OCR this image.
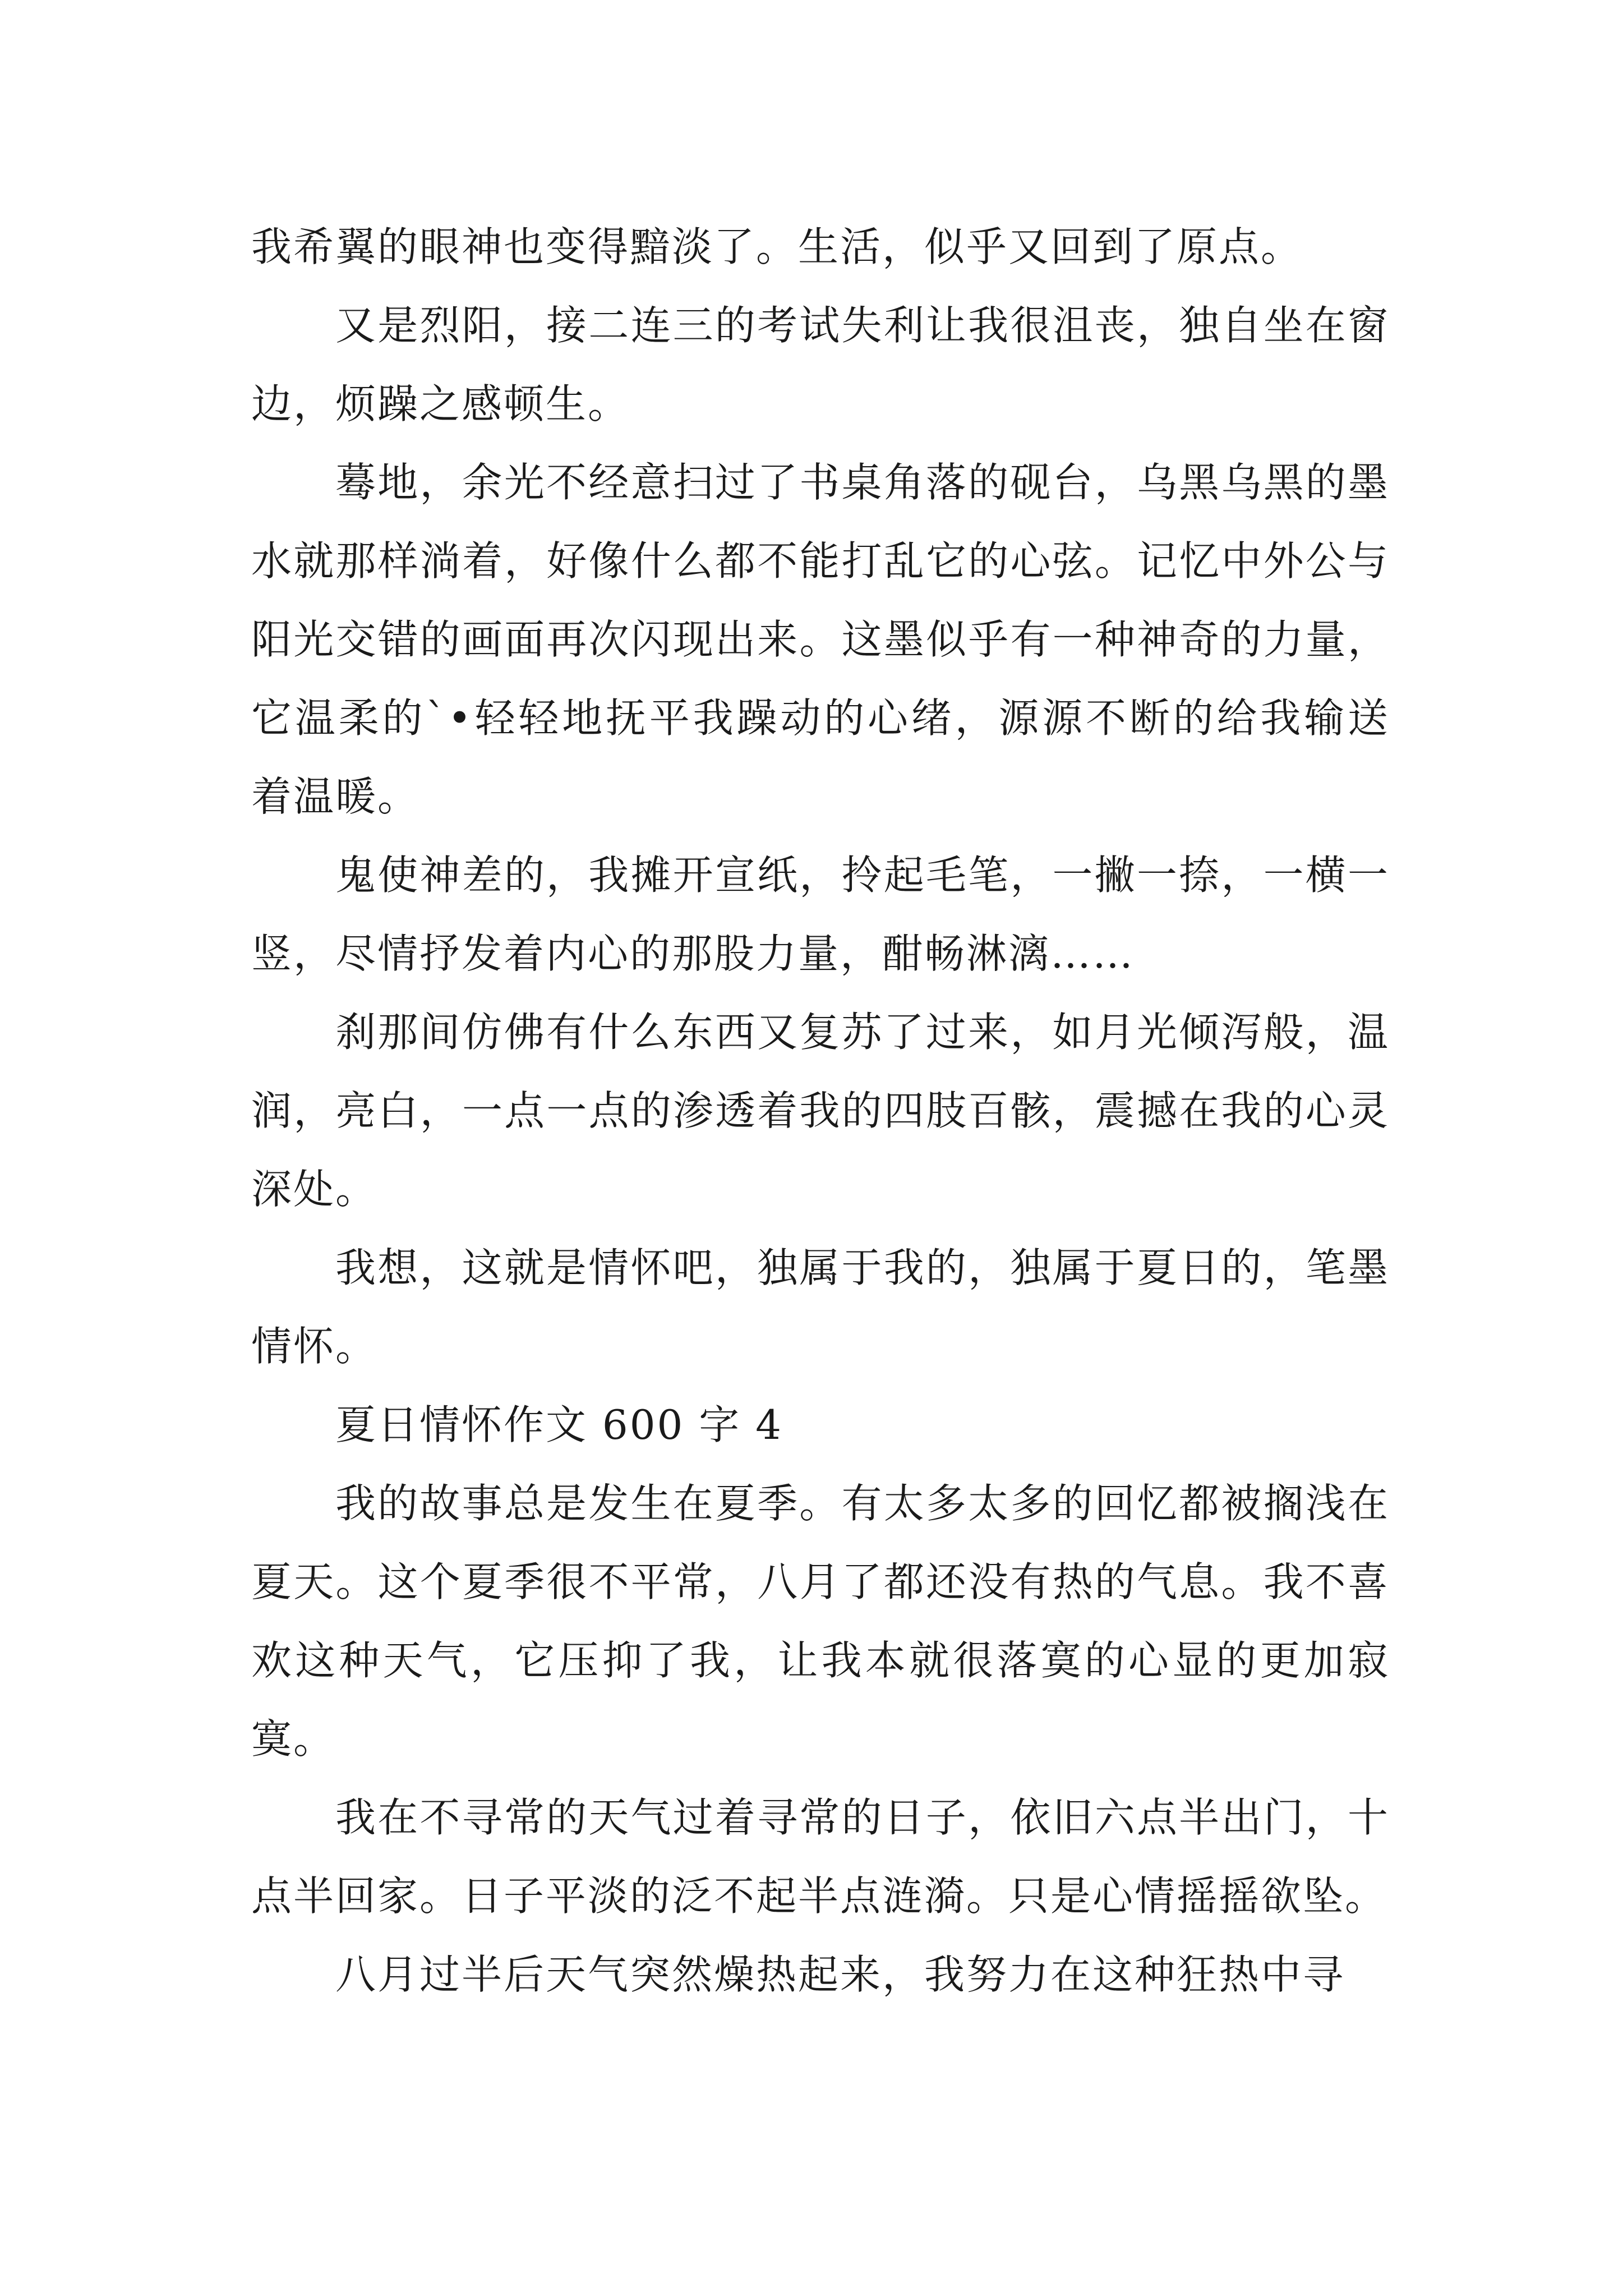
我希翼的眼神也变得黯淡了。生活，似乎又回到了原点。

又是烈阳，接二连三的考试失利让我很沮丧，独自坐在窗边，烦躁之感顿生。

蓦地，余光不经意扫过了书桌角落的砚台，乌黑乌黑的墨水就那样淌着，好像什么都不能打乱它的心弦。记忆中外公与阳光交错的画面再次闪现出来。这墨似乎有一种神奇的力量，它温柔的`•轻轻地抚平我躁动的心绪，源源不断的给我输送着温暖。

鬼使神差的，我摊开宣纸，拎起毛笔，一撇一捺，一横一竖，尽情抒发着内心的那股力量，酣畅淋漓……

刹那间仿佛有什么东西又复苏了过来，如月光倾泻般，温润，亮白，一点一点的渗透着我的四肢百骸，震撼在我的心灵深处。

我想，这就是情怀吧，独属于我的，独属于夏日的，笔墨情怀。

夏日情怀作文 600 字 4

我的故事总是发生在夏季。有太多太多的回忆都被搁浅在夏天。这个夏季很不平常，八月了都还没有热的气息。我不喜欢这种天气，它压抑了我，让我本就很落寞的心显的更加寂寞。

我在不寻常的天气过着寻常的日子，依旧六点半出门，十点半回家。日子平淡的泛不起半点涟漪。只是心情摇摇欲坠。

八月过半后天气突然燥热起来，我努力在这种狂热中寻
